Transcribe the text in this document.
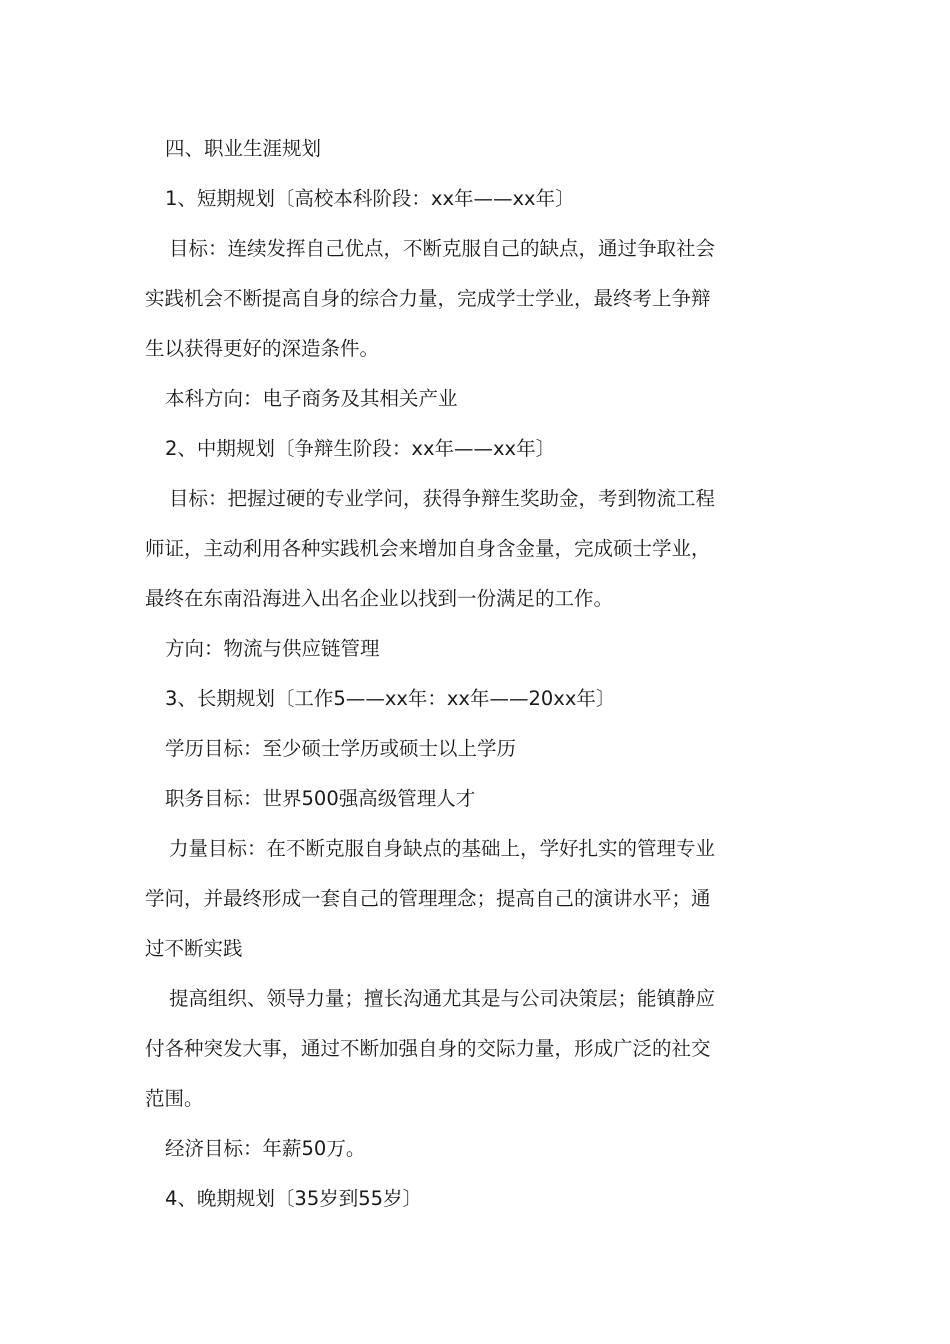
四、职业生涯规划
1、短期规划〔高校本科阶段：xx年——xx年〕
目标：连续发挥自己优点，不断克服自己的缺点，通过争取社会
实践机会不断提高自身的综合力量，完成学士学业，最终考上争辩
生以获得更好的深造条件。
本科方向：电子商务及其相关产业
2、中期规划〔争辩生阶段：xx年——xx年〕
目标：把握过硬的专业学问，获得争辩生奖助金，考到物流工程
师证，主动利用各种实践机会来增加自身含金量，完成硕士学业，
最终在东南沿海进入出名企业以找到一份满足的工作。
方向：物流与供应链管理
3、长期规划〔工作5——xx年：xx年——20xx年〕
学历目标：至少硕士学历或硕士以上学历
职务目标：世界500强高级管理人才
力量目标：在不断克服自身缺点的基础上，学好扎实的管理专业
学问，并最终形成一套自己的管理理念；提高自己的演讲水平；通
过不断实践
提高组织、领导力量；擅长沟通尤其是与公司决策层；能镇静应
付各种突发大事，通过不断加强自身的交际力量，形成广泛的社交
范围。
经济目标：年薪50万。
4、晚期规划〔35岁到55岁〕
